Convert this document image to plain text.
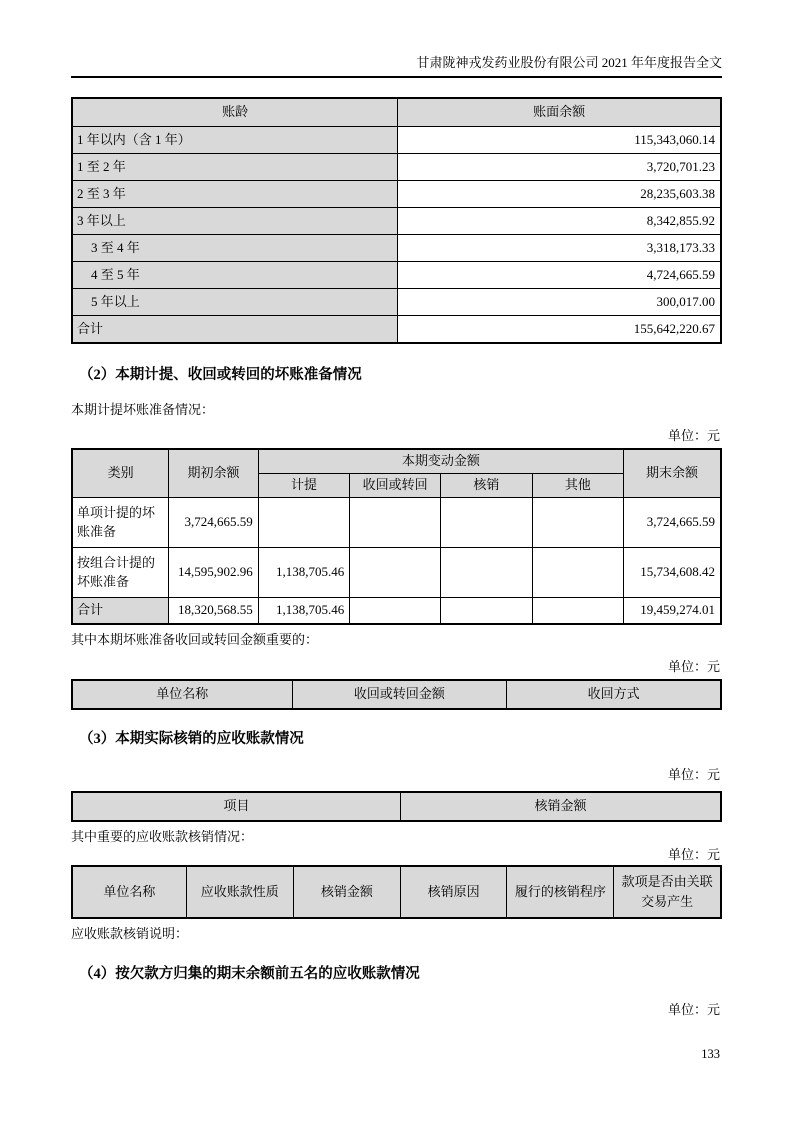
甘肃陇神戎发药业股份有限公司 2021 年年度报告全文
账龄	账面余额
1 年以内（含 1 年）	115,343,060.14
1 至 2 年	3,720,701.23
2 至 3 年	28,235,603.38
3 年以上	8,342,855.92
3 至 4 年	3,318,173.33
4 至 5 年	4,724,665.59
5 年以上	300,017.00
合计	155,642,220.67
（2）本期计提、收回或转回的坏账准备情况
本期计提坏账准备情况：
单位：元
类别	期初余额	本期变动金额				期末余额
		计提	收回或转回	核销	其他	
单项计提的坏账准备	3,724,665.59					3,724,665.59
按组合计提的坏账准备	14,595,902.96	1,138,705.46				15,734,608.42
合计	18,320,568.55	1,138,705.46				19,459,274.01
其中本期坏账准备收回或转回金额重要的：
单位：元
单位名称	收回或转回金额	收回方式
（3）本期实际核销的应收账款情况
单位：元
项目	核销金额
其中重要的应收账款核销情况：
单位：元
单位名称	应收账款性质	核销金额	核销原因	履行的核销程序	款项是否由关联交易产生
应收账款核销说明：
（4）按欠款方归集的期末余额前五名的应收账款情况
单位：元
133
